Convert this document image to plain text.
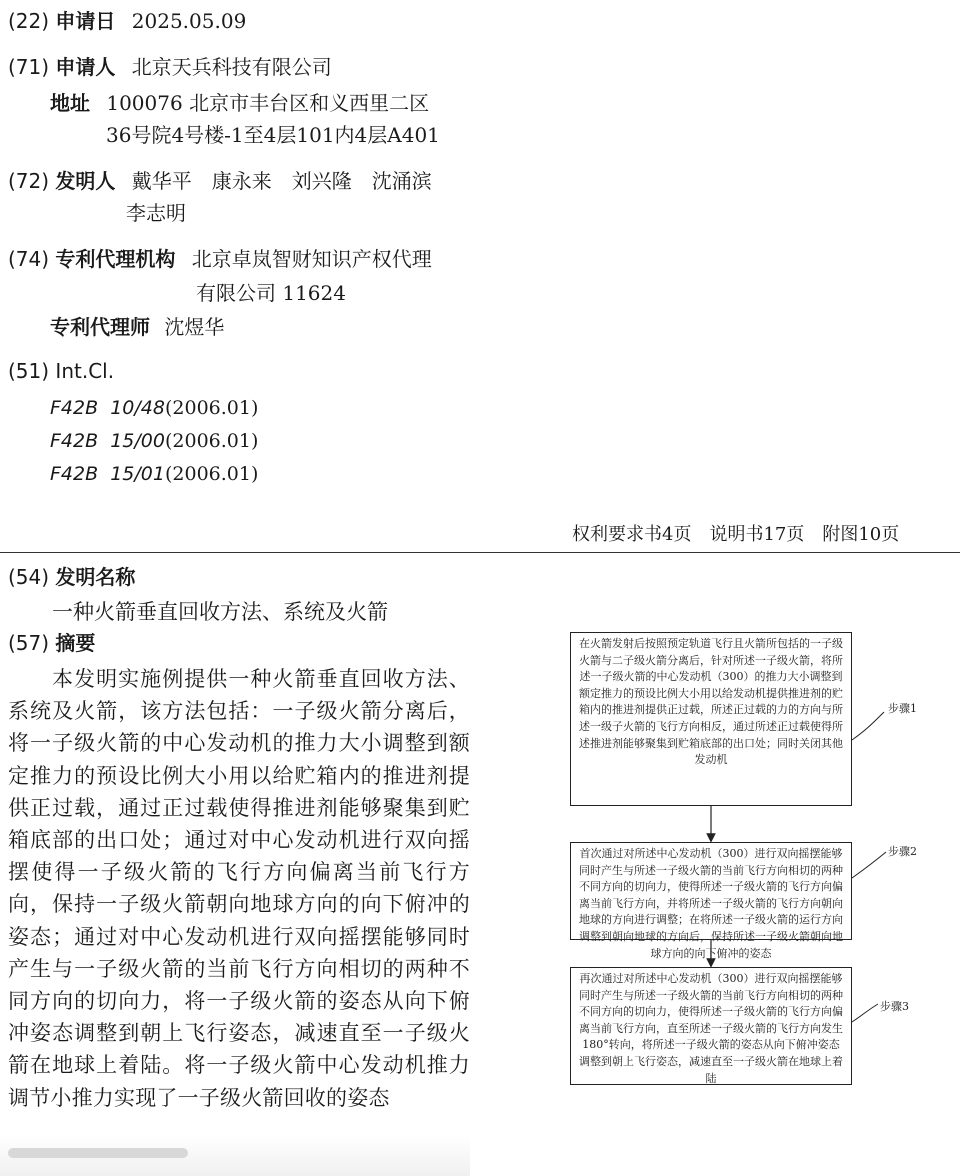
(22) 申请日 2025.05.09
(71) 申请人 北京天兵科技有限公司
地址 100076 北京市丰台区和义西里二区
36号院4号楼-1至4层101内4层A401
(72) 发明人 戴华平　康永来　刘兴隆　沈涌滨
李志明
(74) 专利代理机构 北京卓岚智财知识产权代理
有限公司 11624
专利代理师 沈煜华
(51) Int.Cl.
F42B  10/48(2006.01)
F42B  15/00(2006.01)
F42B  15/01(2006.01)
权利要求书4页　说明书17页　附图10页
(54) 发明名称
一种火箭垂直回收方法、系统及火箭
(57) 摘要
本发明实施例提供一种火箭垂直回收方法、系统及火箭，该方法包括：一子级火箭分离后，将一子级火箭的中心发动机的推力大小调整到额定推力的预设比例大小用以给贮箱内的推进剂提供正过载，通过正过载使得推进剂能够聚集到贮箱底部的出口处；通过对中心发动机进行双向摇摆使得一子级火箭的飞行方向偏离当前飞行方向，保持一子级火箭朝向地球方向的向下俯冲的姿态；通过对中心发动机进行双向摇摆能够同时产生与一子级火箭的当前飞行方向相切的两种不同方向的切向力，将一子级火箭的姿态从向下俯冲姿态调整到朝上飞行姿态，减速直至一子级火箭在地球上着陆。将一子级火箭中心发动机推力调节小推力实现了一子级火箭回收的姿态
在火箭发射后按照预定轨道飞行且火箭所包括的一子级火箭与二子级火箭分离后，针对所述一子级火箭，将所述一子级火箭的中心发动机（300）的推力大小调整到额定推力的预设比例大小用以给发动机提供推进剂的贮箱内的推进剂提供正过载，所述正过载的力的方向与所述一级子火箭的飞行方向相反，通过所述正过载使得所述推进剂能够聚集到贮箱底部的出口处；同时关闭其他发动机
首次通过对所述中心发动机（300）进行双向摇摆能够同时产生与所述一子级火箭的当前飞行方向相切的两种不同方向的切向力，使得所述一子级火箭的飞行方向偏离当前飞行方向，并将所述一子级火箭的飞行方向朝向地球的方向进行调整；在将所述一子级火箭的运行方向调整到朝向地球的方向后，保持所述一子级火箭朝向地球方向的向下俯冲的姿态
再次通过对所述中心发动机（300）进行双向摇摆能够同时产生与所述一子级火箭的当前飞行方向相切的两种不同方向的切向力，使得所述一子级火箭的飞行方向偏离当前飞行方向，直至所述一子级火箭的飞行方向发生180°转向，将所述一子级火箭的姿态从向下俯冲姿态调整到朝上飞行姿态，减速直至一子级火箭在地球上着陆
步骤1
步骤2
步骤3
